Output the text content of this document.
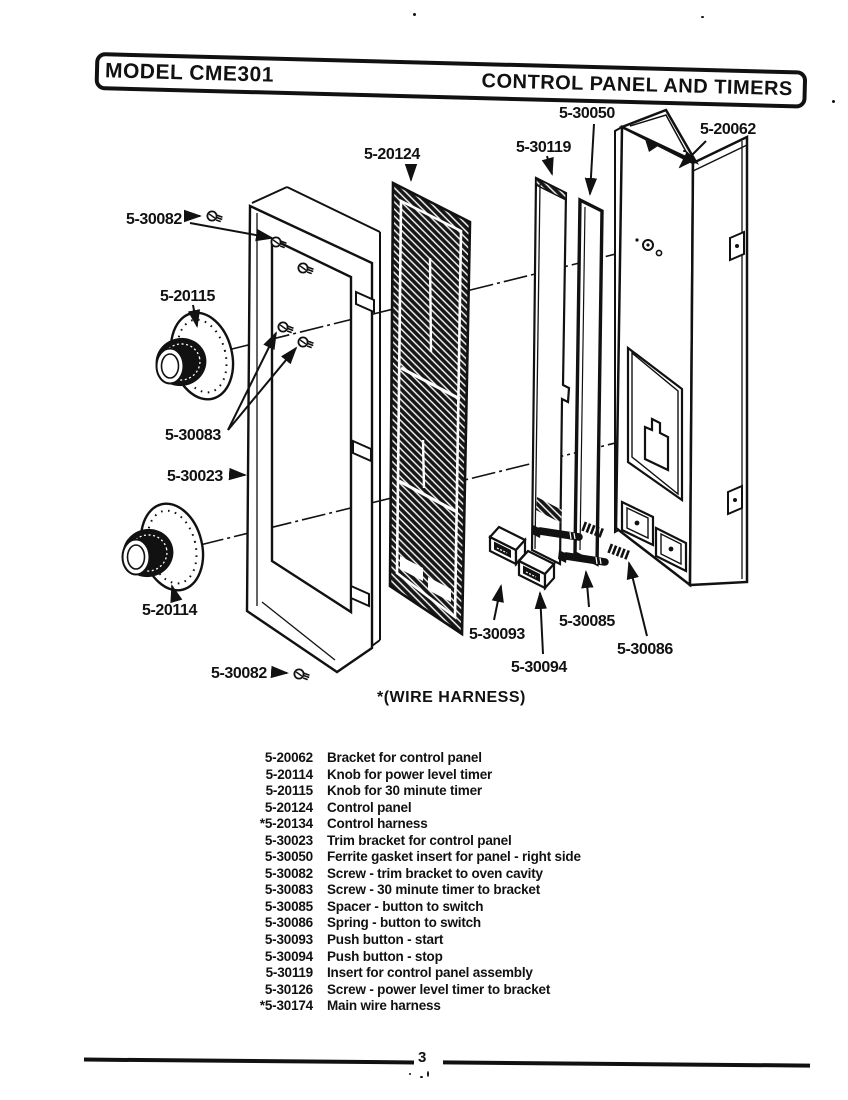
MODEL CME301	CONTROL PANEL AND TIMERS
5-30082
5-20115
5-30083
5-30023
5-20114
5-30082
5-20124	5-30119
5-30050
5-20062
5-30093
5-30094
5-30085
5-30086
*(WIRE HARNESS)
5-20062 Bracket for control panel
5-20114 Knob for power level timer
5-20115 Knob for 30 minute timer
5-20124 Control panel
*5-20134 Control harness
5-30023 Trim bracket for control panel
5-30050 Ferrite gasket insert for panel - right side
5-30082 Screw - trim bracket to oven cavity
5-30083 Screw - 30 minute timer to bracket
5-30085 Spacer - button to switch
5-30086 Spring - button to switch
5-30093 Push button - start
5-30094 Push button - stop
5-30119 Insert for control panel assembly
5-30126 Screw - power level timer to bracket
*5-30174 Main wire harness
3
